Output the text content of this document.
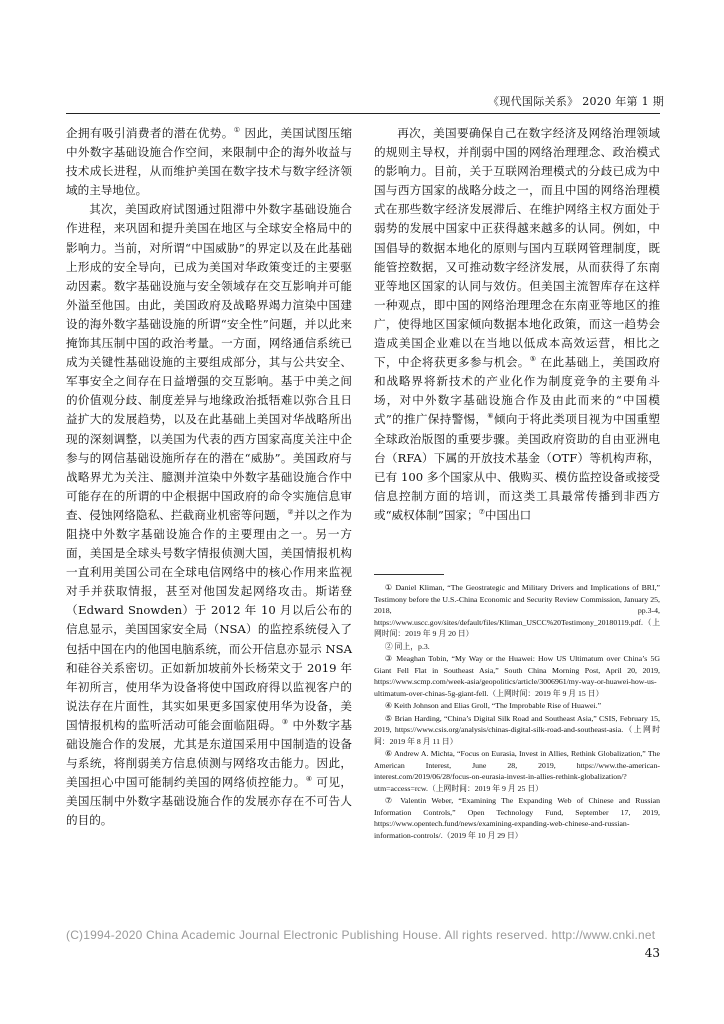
《现代国际关系》 2020 年第 1 期

企拥有吸引消费者的潜在优势。① 因此，美国试图压缩中外数字基础设施合作空间，来限制中企的海外收益与技术成长进程，从而维护美国在数字技术与数字经济领域的主导地位。

其次，美国政府试图通过阻滞中外数字基础设施合作进程，来巩固和提升美国在地区与全球安全格局中的影响力。当前，对所谓“中国威胁”的界定以及在此基础上形成的安全导向，已成为美国对华政策变迁的主要驱动因素。数字基础设施与安全领域存在交互影响并可能外溢至他国。由此，美国政府及战略界竭力渲染中国建设的海外数字基础设施的所谓“安全性”问题，并以此来掩饰其压制中国的政治考量。一方面，网络通信系统已成为关键性基础设施的主要组成部分，其与公共安全、军事安全之间存在日益增强的交互影响。基于中美之间的价值观分歧、制度差异与地缘政治抵牾难以弥合且日益扩大的发展趋势，以及在此基础上美国对华战略所出现的深刻调整，以美国为代表的西方国家高度关注中企参与的网信基础设施所存在的潜在“威胁”。美国政府与战略界尤为关注、臆测并渲染中外数字基础设施合作中可能存在的所谓的中企根据中国政府的命令实施信息审查、侵蚀网络隐私、拦截商业机密等问题，②并以之作为阻挠中外数字基础设施合作的主要理由之一。另一方面，美国是全球头号数字情报侦测大国，美国情报机构一直利用美国公司在全球电信网络中的核心作用来监视对手并获取情报，甚至对他国发起网络攻击。斯诺登（Edward Snowden）于 2012 年 10 月以后公布的信息显示，美国国家安全局（NSA）的监控系统侵入了包括中国在内的他国电脑系统，而公开信息亦显示 NSA 和硅谷关系密切。正如新加坡前外长杨荣文于 2019 年年初所言，使用华为设备将使中国政府得以监视客户的说法存在片面性，其实如果更多国家使用华为设备，美国情报机构的监听活动可能会面临阻碍。③ 中外数字基础设施合作的发展，尤其是东道国采用中国制造的设备与系统，将削弱美方信息侦测与网络攻击能力。因此，美国担心中国可能制约美国的网络侦控能力。④ 可见，美国压制中外数字基础设施合作的发展亦存在不可告人的目的。

再次，美国要确保自己在数字经济及网络治理领域的规则主导权，并削弱中国的网络治理理念、政治模式的影响力。目前，关于互联网治理模式的分歧已成为中国与西方国家的战略分歧之一，而且中国的网络治理模式在那些数字经济发展滞后、在维护网络主权方面处于弱势的发展中国家中正获得越来越多的认同。例如，中国倡导的数据本地化的原则与国内互联网管理制度，既能管控数据，又可推动数字经济发展，从而获得了东南亚等地区国家的认同与效仿。但美国主流智库存在这样一种观点，即中国的网络治理理念在东南亚等地区的推广，使得地区国家倾向数据本地化政策，而这一趋势会造成美国企业难以在当地以低成本高效运营，相比之下，中企将获更多参与机会。⑤ 在此基础上，美国政府和战略界将新技术的产业化作为制度竞争的主要角斗场，对中外数字基础设施合作及由此而来的“中国模式”的推广保持警惕，⑥倾向于将此类项目视为中国重塑全球政治版图的重要步骤。美国政府资助的自由亚洲电台（RFA）下属的开放技术基金（OTF）等机构声称，已有 100 多个国家从中、俄购买、模仿监控设备或接受信息控制方面的培训，而这类工具最常传播到非西方或“威权体制”国家；⑦中国出口

① Daniel Kliman, “The Geostrategic and Military Drivers and Implications of BRI,” Testimony before the U.S.-China Economic and Security Review Commission, January 25, 2018, pp.3-4, https://www.uscc.gov/sites/default/files/Kliman_USCC%20Testimony_20180119.pdf.（上网时间：2019 年 9 月 20 日）

② 同上，p.3.

③ Meaghan Tobin, “My Way or the Huawei: How US Ultimatum over China’s 5G Giant Fell Flat in Southeast Asia,” South China Morning Post, April 20, 2019, https://www.scmp.com/week-asia/geopolitics/article/3006961/my-way-or-huawei-how-us-ultimatum-over-chinas-5g-giant-fell.（上网时间：2019 年 9 月 15 日）

④ Keith Johnson and Elias Groll, “The Improbable Rise of Huawei.”

⑤ Brian Harding, “China’s Digital Silk Road and Southeast Asia,” CSIS, February 15, 2019, https://www.csis.org/analysis/chinas-digital-silk-road-and-southeast-asia.（上网时间：2019 年 8 月 11 日）

⑥ Andrew A. Michta, “Focus on Eurasia, Invest in Allies, Rethink Globalization,” The American Interest, June 28, 2019, https://www.the-american-interest.com/2019/06/28/focus-on-eurasia-invest-in-allies-rethink-globalization/? utm=access=rcw.（上网时间：2019 年 9 月 25 日）

⑦ Valentin Weber, “Examining The Expanding Web of Chinese and Russian Information Controls,” Open Technology Fund, September 17, 2019, https://www.opentech.fund/news/examining-expanding-web-chinese-and-russian-information-controls/.（2019 年 10 月 29 日）

(C)1994-2020 China Academic Journal Electronic Publishing House. All rights reserved. http://www.cnki.net
43
